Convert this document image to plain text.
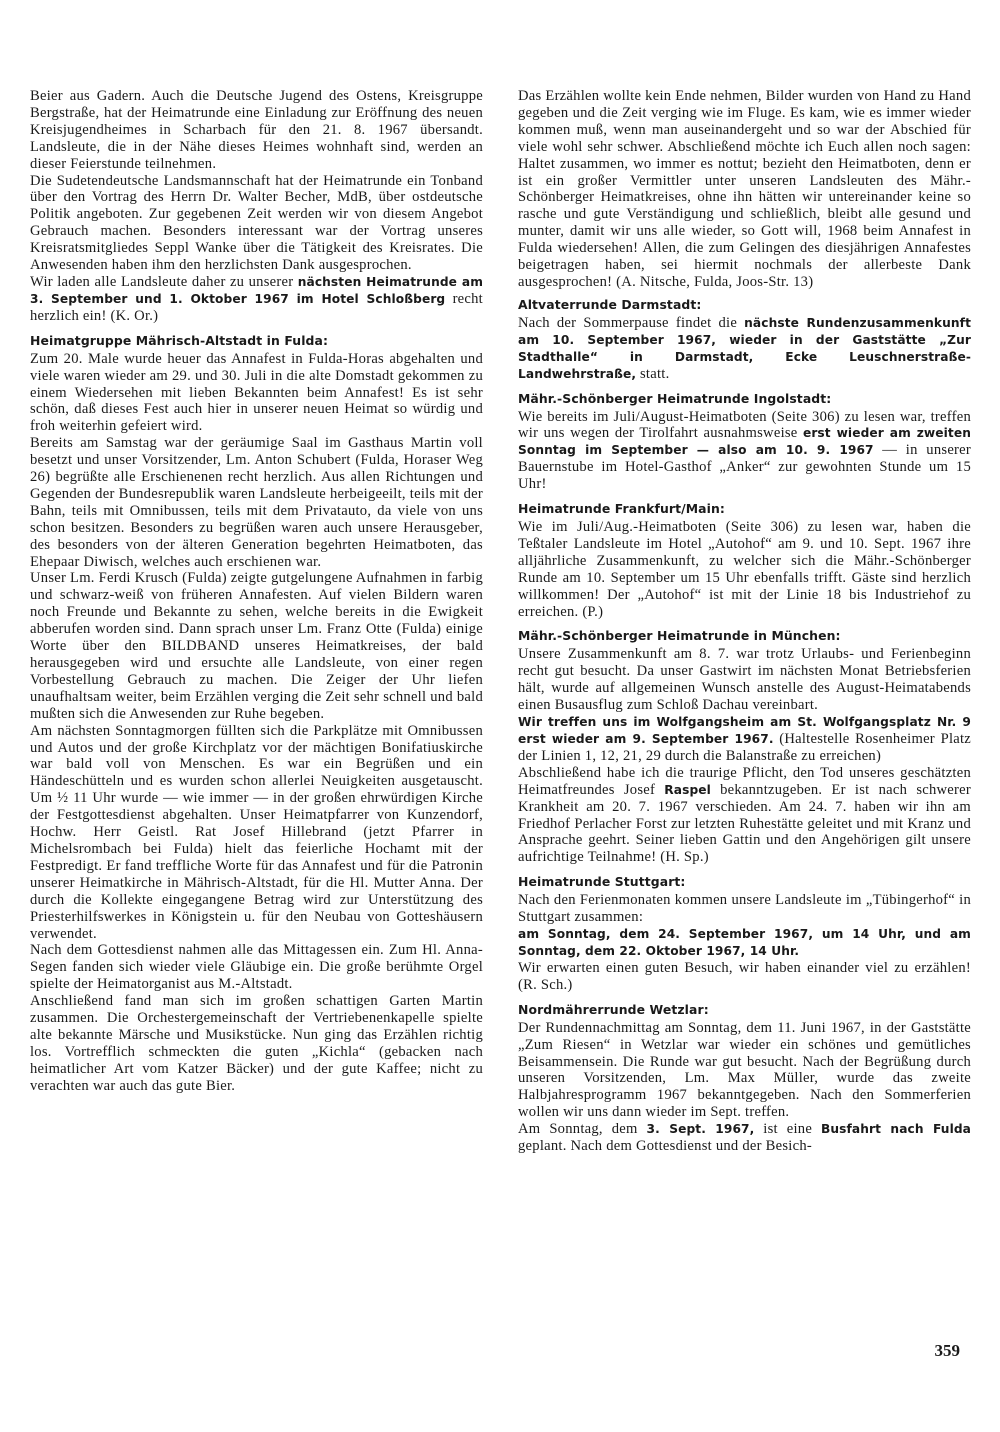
Beier aus Gadern. Auch die Deutsche Jugend des Ostens, Kreisgruppe Bergstraße, hat der Heimatrunde eine Einladung zur Eröffnung des neuen Kreisjugendheimes in Scharbach für den 21. 8. 1967 übersandt. Landsleute, die in der Nähe dieses Heimes wohnhaft sind, werden an dieser Feierstunde teilnehmen.

Die Sudetendeutsche Landsmannschaft hat der Heimatrunde ein Tonband über den Vortrag des Herrn Dr. Walter Becher, MdB, über ostdeutsche Politik angeboten. Zur gegebenen Zeit werden wir von diesem Angebot Gebrauch machen. Besonders interessant war der Vortrag unseres Kreisratsmitgliedes Seppl Wanke über die Tätigkeit des Kreisrates. Die Anwesenden haben ihm den herzlichsten Dank ausgesprochen.

Wir laden alle Landsleute daher zu unserer nächsten Heimatrunde am 3. September und 1. Oktober 1967 im Hotel Schloßberg recht herzlich ein! (K. Or.)

Heimatgruppe Mährisch-Altstadt in Fulda:

Zum 20. Male wurde heuer das Annafest in Fulda-Horas abgehalten und viele waren wieder am 29. und 30. Juli in die alte Domstadt gekommen zu einem Wiedersehen mit lieben Bekannten beim Annafest! Es ist sehr schön, daß dieses Fest auch hier in unserer neuen Heimat so würdig und froh weiterhin gefeiert wird.

Bereits am Samstag war der geräumige Saal im Gasthaus Martin voll besetzt und unser Vorsitzender, Lm. Anton Schubert (Fulda, Horaser Weg 26) begrüßte alle Erschienenen recht herzlich. Aus allen Richtungen und Gegenden der Bundesrepublik waren Landsleute herbeigeeilt, teils mit der Bahn, teils mit Omnibussen, teils mit dem Privatauto, da viele von uns schon besitzen. Besonders zu begrüßen waren auch unsere Herausgeber, des besonders von der älteren Generation begehrten Heimatboten, das Ehepaar Diwisch, welches auch erschienen war.

Unser Lm. Ferdi Krusch (Fulda) zeigte gutgelungene Aufnahmen in farbig und schwarz-weiß von früheren Annafesten. Auf vielen Bildern waren noch Freunde und Bekannte zu sehen, welche bereits in die Ewigkeit abberufen worden sind. Dann sprach unser Lm. Franz Otte (Fulda) einige Worte über den BILDBAND unseres Heimatkreises, der bald herausgegeben wird und ersuchte alle Landsleute, von einer regen Vorbestellung Gebrauch zu machen. Die Zeiger der Uhr liefen unaufhaltsam weiter, beim Erzählen verging die Zeit sehr schnell und bald mußten sich die Anwesenden zur Ruhe begeben.

Am nächsten Sonntagmorgen füllten sich die Parkplätze mit Omnibussen und Autos und der große Kirchplatz vor der mächtigen Bonifatiuskirche war bald voll von Menschen. Es war ein Begrüßen und ein Händeschütteln und es wurden schon allerlei Neuigkeiten ausgetauscht. Um ½ 11 Uhr wurde — wie immer — in der großen ehrwürdigen Kirche der Festgottesdienst abgehalten. Unser Heimatpfarrer von Kunzendorf, Hochw. Herr Geistl. Rat Josef Hillebrand (jetzt Pfarrer in Michelsrombach bei Fulda) hielt das feierliche Hochamt mit der Festpredigt. Er fand treffliche Worte für das Annafest und für die Patronin unserer Heimatkirche in Mährisch-Altstadt, für die Hl. Mutter Anna. Der durch die Kollekte eingegangene Betrag wird zur Unterstützung des Priesterhilfswerkes in Königstein u. für den Neubau von Gotteshäusern verwendet.

Nach dem Gottesdienst nahmen alle das Mittagessen ein. Zum Hl. Anna-Segen fanden sich wieder viele Gläubige ein. Die große berühmte Orgel spielte der Heimatorganist aus M.-Altstadt.

Anschließend fand man sich im großen schattigen Garten Martin zusammen. Die Orchestergemeinschaft der Vertriebenenkapelle spielte alte bekannte Märsche und Musikstücke. Nun ging das Erzählen richtig los. Vortrefflich schmeckten die guten „Kichla“ (gebacken nach heimatlicher Art vom Katzer Bäcker) und der gute Kaffee; nicht zu verachten war auch das gute Bier.

Das Erzählen wollte kein Ende nehmen, Bilder wurden von Hand zu Hand gegeben und die Zeit verging wie im Fluge. Es kam, wie es immer wieder kommen muß, wenn man auseinandergeht und so war der Abschied für viele wohl sehr schwer. Abschließend möchte ich Euch allen noch sagen: Haltet zusammen, wo immer es nottut; bezieht den Heimatboten, denn er ist ein großer Vermittler unter unseren Landsleuten des Mähr.-Schönberger Heimatkreises, ohne ihn hätten wir untereinander keine so rasche und gute Verständigung und schließlich, bleibt alle gesund und munter, damit wir uns alle wieder, so Gott will, 1968 beim Annafest in Fulda wiedersehen! Allen, die zum Gelingen des diesjährigen Annafestes beigetragen haben, sei hiermit nochmals der allerbeste Dank ausgesprochen! (A. Nitsche, Fulda, Joos-Str. 13)

Altvaterrunde Darmstadt:

Nach der Sommerpause findet die nächste Rundenzusammenkunft am 10. September 1967, wieder in der Gaststätte „Zur Stadthalle“ in Darmstadt, Ecke Leuschnerstraße-Landwehrstraße, statt.

Mähr.-Schönberger Heimatrunde Ingolstadt:

Wie bereits im Juli/August-Heimatboten (Seite 306) zu lesen war, treffen wir uns wegen der Tirolfahrt ausnahmsweise erst wieder am zweiten Sonntag im September — also am 10. 9. 1967 — in unserer Bauernstube im Hotel-Gasthof „Anker“ zur gewohnten Stunde um 15 Uhr!

Heimatrunde Frankfurt/Main:

Wie im Juli/Aug.-Heimatboten (Seite 306) zu lesen war, haben die Teßtaler Landsleute im Hotel „Autohof“ am 9. und 10. Sept. 1967 ihre alljährliche Zusammenkunft, zu welcher sich die Mähr.-Schönberger Runde am 10. September um 15 Uhr ebenfalls trifft. Gäste sind herzlich willkommen! Der „Autohof“ ist mit der Linie 18 bis Industriehof zu erreichen. (P.)

Mähr.-Schönberger Heimatrunde in München:

Unsere Zusammenkunft am 8. 7. war trotz Urlaubs- und Ferienbeginn recht gut besucht. Da unser Gastwirt im nächsten Monat Betriebsferien hält, wurde auf allgemeinen Wunsch anstelle des August-Heimatabends einen Busausflug zum Schloß Dachau vereinbart.

Wir treffen uns im Wolfgangsheim am St. Wolfgangsplatz Nr. 9 erst wieder am 9. September 1967. (Haltestelle Rosenheimer Platz der Linien 1, 12, 21, 29 durch die Balanstraße zu erreichen)

Abschließend habe ich die traurige Pflicht, den Tod unseres geschätzten Heimatfreundes Josef Raspel bekanntzugeben. Er ist nach schwerer Krankheit am 20. 7. 1967 verschieden. Am 24. 7. haben wir ihn am Friedhof Perlacher Forst zur letzten Ruhestätte geleitet und mit Kranz und Ansprache geehrt. Seiner lieben Gattin und den Angehörigen gilt unsere aufrichtige Teilnahme! (H. Sp.)

Heimatrunde Stuttgart:

Nach den Ferienmonaten kommen unsere Landsleute im „Tübingerhof“ in Stuttgart zusammen:

am Sonntag, dem 24. September 1967, um 14 Uhr, und am Sonntag, dem 22. Oktober 1967, 14 Uhr.

Wir erwarten einen guten Besuch, wir haben einander viel zu erzählen! (R. Sch.)

Nordmährerrunde Wetzlar:

Der Rundennachmittag am Sonntag, dem 11. Juni 1967, in der Gaststätte „Zum Riesen“ in Wetzlar war wieder ein schönes und gemütliches Beisammensein. Die Runde war gut besucht. Nach der Begrüßung durch unseren Vorsitzenden, Lm. Max Müller, wurde das zweite Halbjahresprogramm 1967 bekanntgegeben. Nach den Sommerferien wollen wir uns dann wieder im Sept. treffen.

Am Sonntag, dem 3. Sept. 1967, ist eine Busfahrt nach Fulda geplant. Nach dem Gottesdienst und der Besich-

359
